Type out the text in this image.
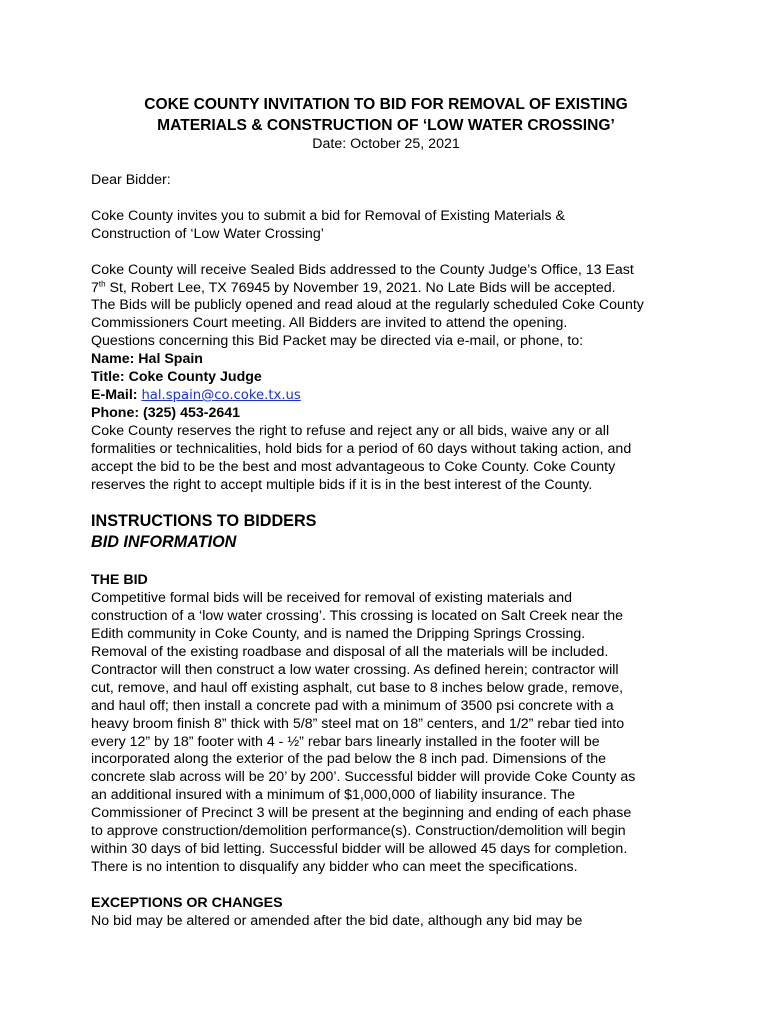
COKE COUNTY INVITATION TO BID FOR REMOVAL OF EXISTING
MATERIALS & CONSTRUCTION OF ‘LOW WATER CROSSING’

Date: October 25, 2021

Dear Bidder:

Coke County invites you to submit a bid for Removal of Existing Materials &
Construction of ‘Low Water Crossing’

Coke County will receive Sealed Bids addressed to the County Judge’s Office, 13 East
7th St, Robert Lee, TX 76945 by November 19, 2021. No Late Bids will be accepted.
The Bids will be publicly opened and read aloud at the regularly scheduled Coke County
Commissioners Court meeting. All Bidders are invited to attend the opening.
Questions concerning this Bid Packet may be directed via e-mail, or phone, to:

Name: Hal Spain

Title: Coke County Judge

E-Mail: hal.spain@co.coke.tx.us

Phone: (325) 453-2641

Coke County reserves the right to refuse and reject any or all bids, waive any or all
formalities or technicalities, hold bids for a period of 60 days without taking action, and
accept the bid to be the best and most advantageous to Coke County. Coke County
reserves the right to accept multiple bids if it is in the best interest of the County.

INSTRUCTIONS TO BIDDERS

BID INFORMATION

THE BID

Competitive formal bids will be received for removal of existing materials and
construction of a ‘low water crossing’. This crossing is located on Salt Creek near the
Edith community in Coke County, and is named the Dripping Springs Crossing.
Removal of the existing roadbase and disposal of all the materials will be included.
Contractor will then construct a low water crossing. As defined herein; contractor will
cut, remove, and haul off existing asphalt, cut base to 8 inches below grade, remove,
and haul off; then install a concrete pad with a minimum of 3500 psi concrete with a
heavy broom finish 8” thick with 5/8” steel mat on 18” centers, and 1/2” rebar tied into
every 12” by 18” footer with 4 - ½” rebar bars linearly installed in the footer will be
incorporated along the exterior of the pad below the 8 inch pad. Dimensions of the
concrete slab across will be 20’ by 200’. Successful bidder will provide Coke County as
an additional insured with a minimum of $1,000,000 of liability insurance. The
Commissioner of Precinct 3 will be present at the beginning and ending of each phase
to approve construction/demolition performance(s). Construction/demolition will begin
within 30 days of bid letting. Successful bidder will be allowed 45 days for completion.
There is no intention to disqualify any bidder who can meet the specifications.

EXCEPTIONS OR CHANGES

No bid may be altered or amended after the bid date, although any bid may be
